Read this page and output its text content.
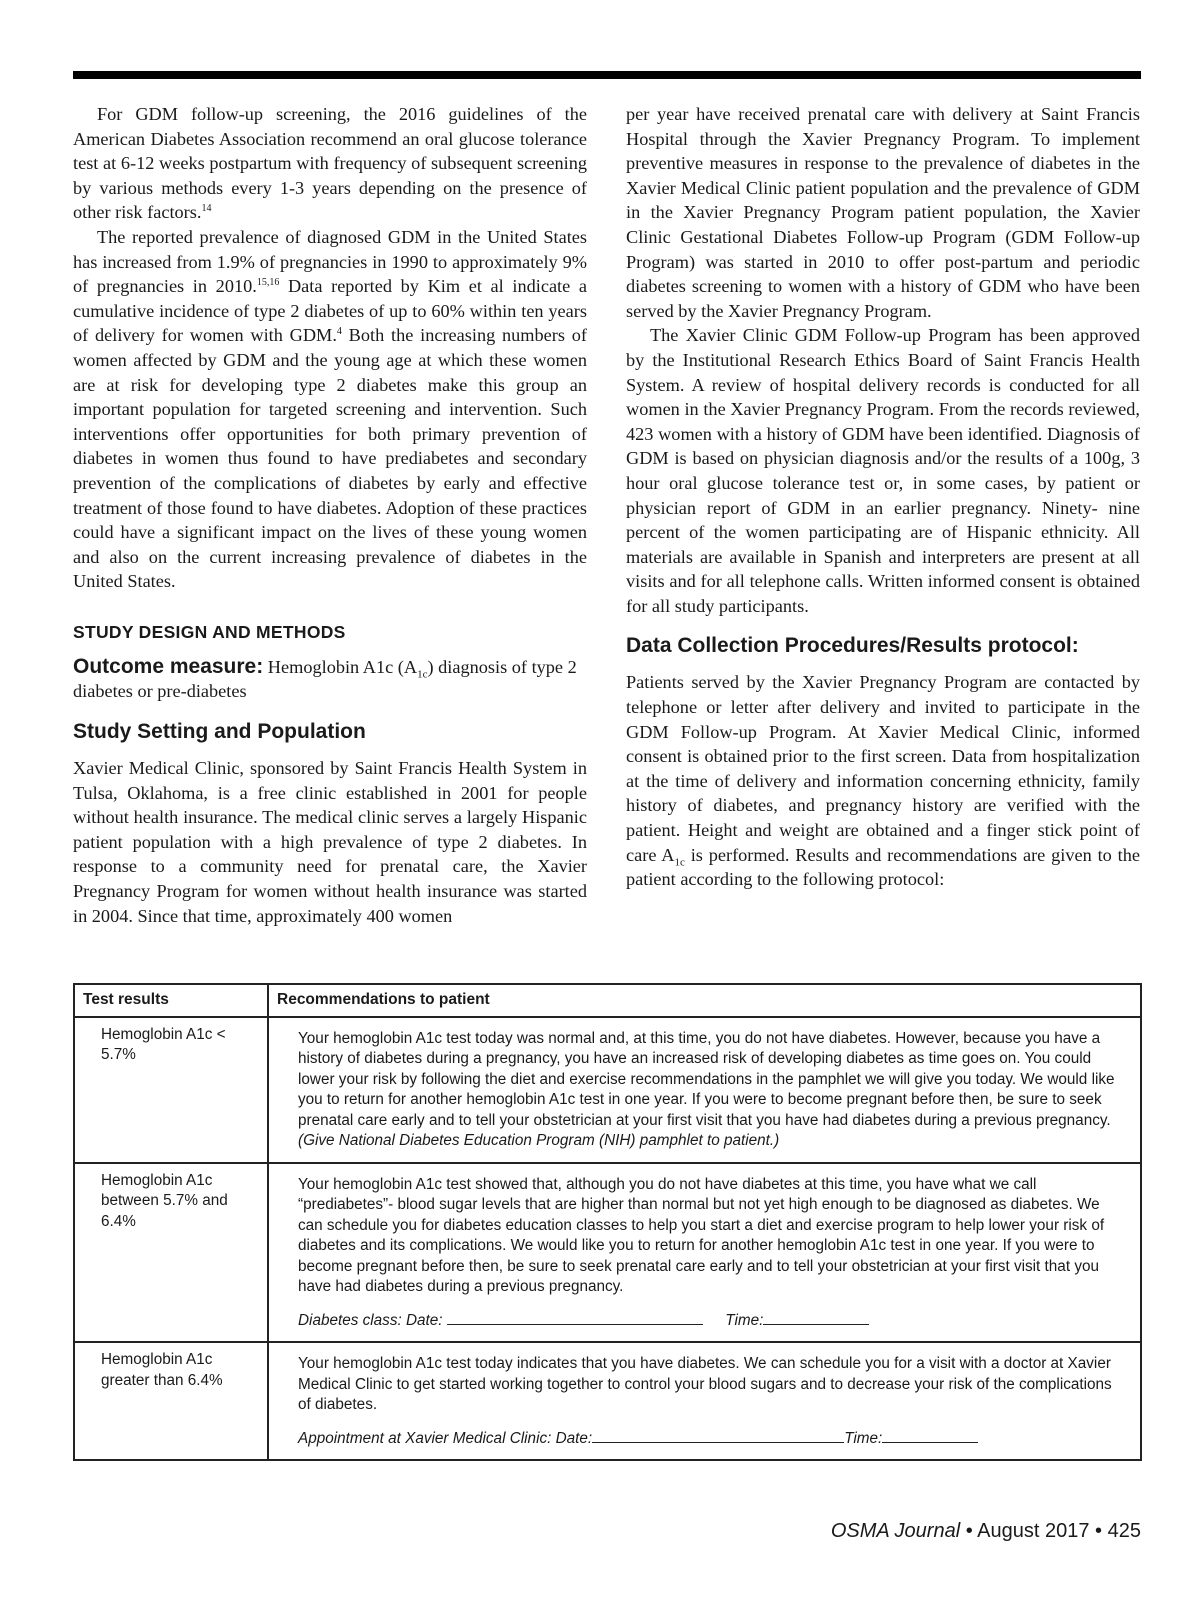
For GDM follow-up screening, the 2016 guidelines of the American Diabetes Association recommend an oral glucose tolerance test at 6-12 weeks postpartum with frequency of subsequent screening by various methods every 1-3 years depending on the presence of other risk factors.$^{14}$

The reported prevalence of diagnosed GDM in the United States has increased from 1.9% of pregnancies in 1990 to approximately 9% of pregnancies in 2010.$^{15,16}$ Data reported by Kim et al indicate a cumulative incidence of type 2 diabetes of up to 60% within ten years of delivery for women with GDM.$^4$ Both the increasing numbers of women affected by GDM and the young age at which these women are at risk for developing type 2 diabetes make this group an important population for targeted screening and intervention. Such interventions offer opportunities for both primary prevention of diabetes in women thus found to have prediabetes and secondary prevention of the complications of diabetes by early and effective treatment of those found to have diabetes. Adoption of these practices could have a significant impact on the lives of these young women and also on the current increasing prevalence of diabetes in the United States.

STUDY DESIGN AND METHODS

Outcome measure: Hemoglobin A1c $(A_{1c})$ diagnosis of type 2 diabetes or pre-diabetes

Study Setting and Population

Xavier Medical Clinic, sponsored by Saint Francis Health System in Tulsa, Oklahoma, is a free clinic established in 2001 for people without health insurance. The medical clinic serves a largely Hispanic patient population with a high prevalence of type 2 diabetes. In response to a community need for prenatal care, the Xavier Pregnancy Program for women without health insurance was started in 2004. Since that time, approximately 400 women

per year have received prenatal care with delivery at Saint Francis Hospital through the Xavier Pregnancy Program. To implement preventive measures in response to the prevalence of diabetes in the Xavier Medical Clinic patient population and the prevalence of GDM in the Xavier Pregnancy Program patient population, the Xavier Clinic Gestational Diabetes Follow-up Program (GDM Follow-up Program) was started in 2010 to offer post-partum and periodic diabetes screening to women with a history of GDM who have been served by the Xavier Pregnancy Program.

The Xavier Clinic GDM Follow-up Program has been approved by the Institutional Research Ethics Board of Saint Francis Health System. A review of hospital delivery records is conducted for all women in the Xavier Pregnancy Program. From the records reviewed, 423 women with a history of GDM have been identified. Diagnosis of GDM is based on physician diagnosis and/or the results of a 100g, 3 hour oral glucose tolerance test or, in some cases, by patient or physician report of GDM in an earlier pregnancy. Ninety- nine percent of the women participating are of Hispanic ethnicity. All materials are available in Spanish and interpreters are present at all visits and for all telephone calls. Written informed consent is obtained for all study participants.

Data Collection Procedures/Results protocol:

Patients served by the Xavier Pregnancy Program are contacted by telephone or letter after delivery and invited to participate in the GDM Follow-up Program. At Xavier Medical Clinic, informed consent is obtained prior to the first screen. Data from hospitalization at the time of delivery and information concerning ethnicity, family history of diabetes, and pregnancy history are verified with the patient. Height and weight are obtained and a finger stick point of care $A_{1c}$ is performed. Results and recommendations are given to the patient according to the following protocol:

Test results	Recommendations to patient
Hemoglobin A1c < 5.7%	Your hemoglobin A1c test today was normal and, at this time, you do not have diabetes. However, because you have a history of diabetes during a pregnancy, you have an increased risk of developing diabetes as time goes on. You could lower your risk by following the diet and exercise recommendations in the pamphlet we will give you today. We would like you to return for another hemoglobin A1c test in one year. If you were to become pregnant before then, be sure to seek prenatal care early and to tell your obstetrician at your first visit that you have had diabetes during a previous pregnancy. (Give National Diabetes Education Program (NIH) pamphlet to patient.)
Hemoglobin A1c between 5.7% and 6.4%	Your hemoglobin A1c test showed that, although you do not have diabetes at this time, you have what we call “prediabetes”- blood sugar levels that are higher than normal but not yet high enough to be diagnosed as diabetes. We can schedule you for diabetes education classes to help you start a diet and exercise program to help lower your risk of diabetes and its complications. We would like you to return for another hemoglobin A1c test in one year. If you were to become pregnant before then, be sure to seek prenatal care early and to tell your obstetrician at your first visit that you have had diabetes during a previous pregnancy.
Diabetes class: Date: Time:

Hemoglobin A1c greater than 6.4%	Your hemoglobin A1c test today indicates that you have diabetes. We can schedule you for a visit with a doctor at Xavier Medical Clinic to get started working together to control your blood sugars and to decrease your risk of the complications of diabetes.
Appointment at Xavier Medical Clinic: Date: Time:
OSMA Journal • August 2017 • 425
